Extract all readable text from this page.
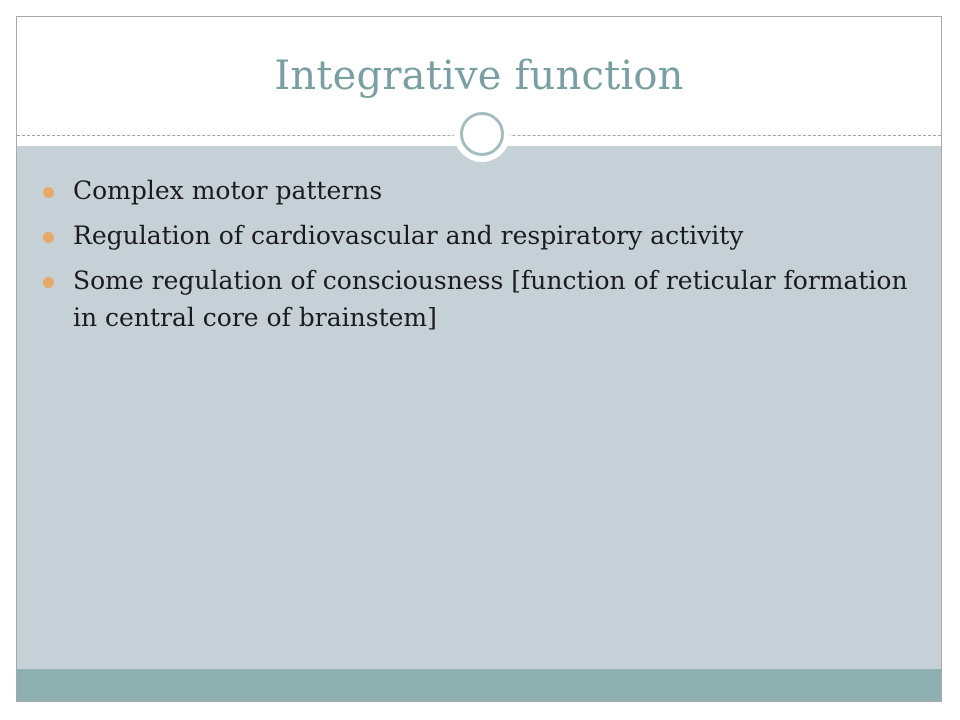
Integrative function
Complex motor patterns
Regulation of cardiovascular and respiratory activity
Some regulation of consciousness [function of reticular formation in central core of brainstem]
